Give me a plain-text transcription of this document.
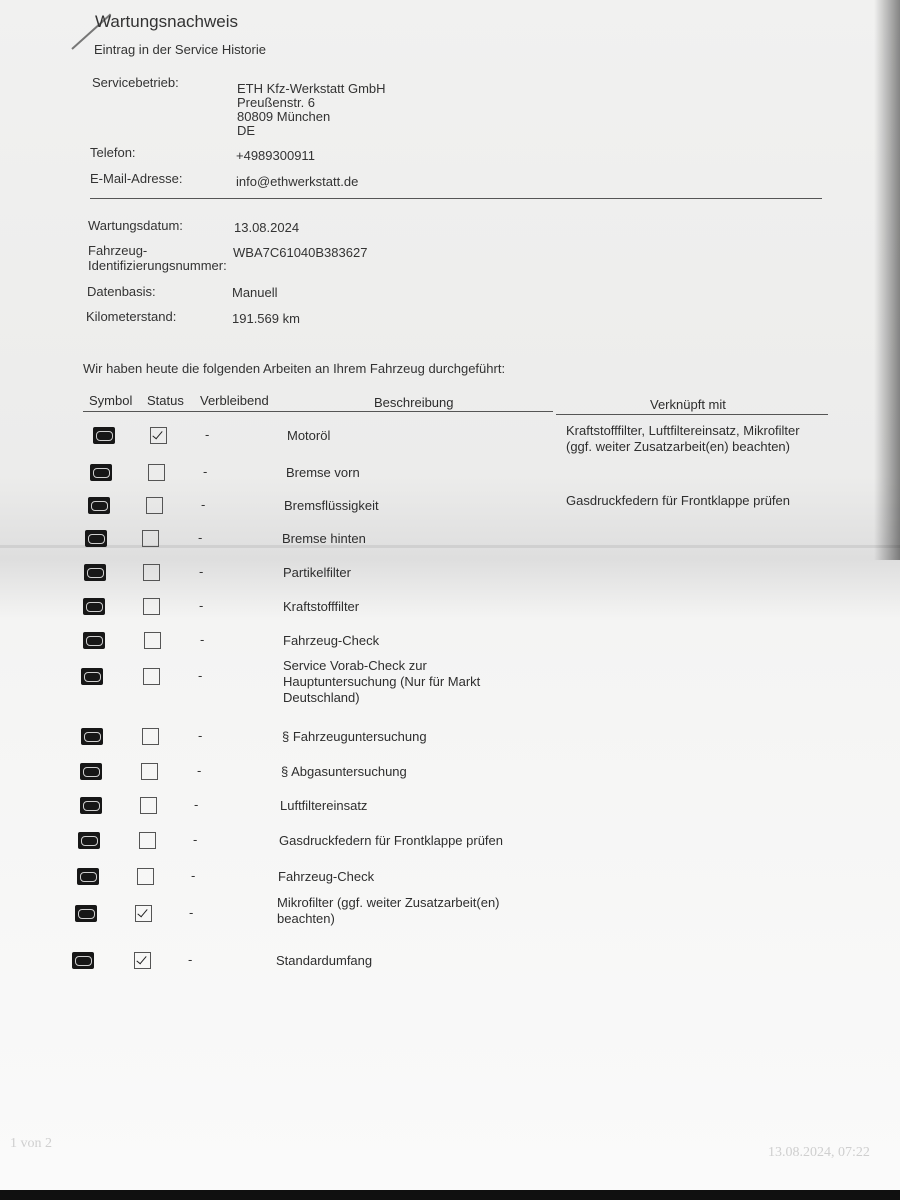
Wartungsnachweis
Eintrag in der Service Historie
Servicebetrieb:	ETH Kfz-Werkstatt GmbH
Preußenstr. 6
80809 München
DE
Telefon:	+4989300911
E-Mail-Adresse:	info@ethwerkstatt.de
Wartungsdatum:	13.08.2024
Fahrzeug-
Identifizierungsnummer:
WBA7C61040B383627
Datenbasis:	Manuell
Kilometerstand:	191.569 km
Wir haben heute die folgenden Arbeiten an Ihrem Fahrzeug durchgeführt:
Symbol Status Verbleibend	Beschreibung	Verknüpft mit
-	Motoröl	Kraftstofffilter, Luftfiltereinsatz, Mikrofilter
(ggf. weiter Zusatzarbeit(en) beachten)
-	Bremse vorn
-	Bremsflüssigkeit	Gasdruckfedern für Frontklappe prüfen
-	Bremse hinten
-	Partikelfilter
-	Kraftstofffilter
-	Fahrzeug-Check
-
Service Vorab-Check zur
Hauptuntersuchung (Nur für Markt
Deutschland)
-	§ Fahrzeuguntersuchung
-	§ Abgasuntersuchung
-	Luftfiltereinsatz
-	Gasdruckfedern für Frontklappe prüfen
-	Fahrzeug-Check
-
Mikrofilter (ggf. weiter Zusatzarbeit(en)
beachten)
-	Standardumfang
1 von 2
13.08.2024, 07:22
